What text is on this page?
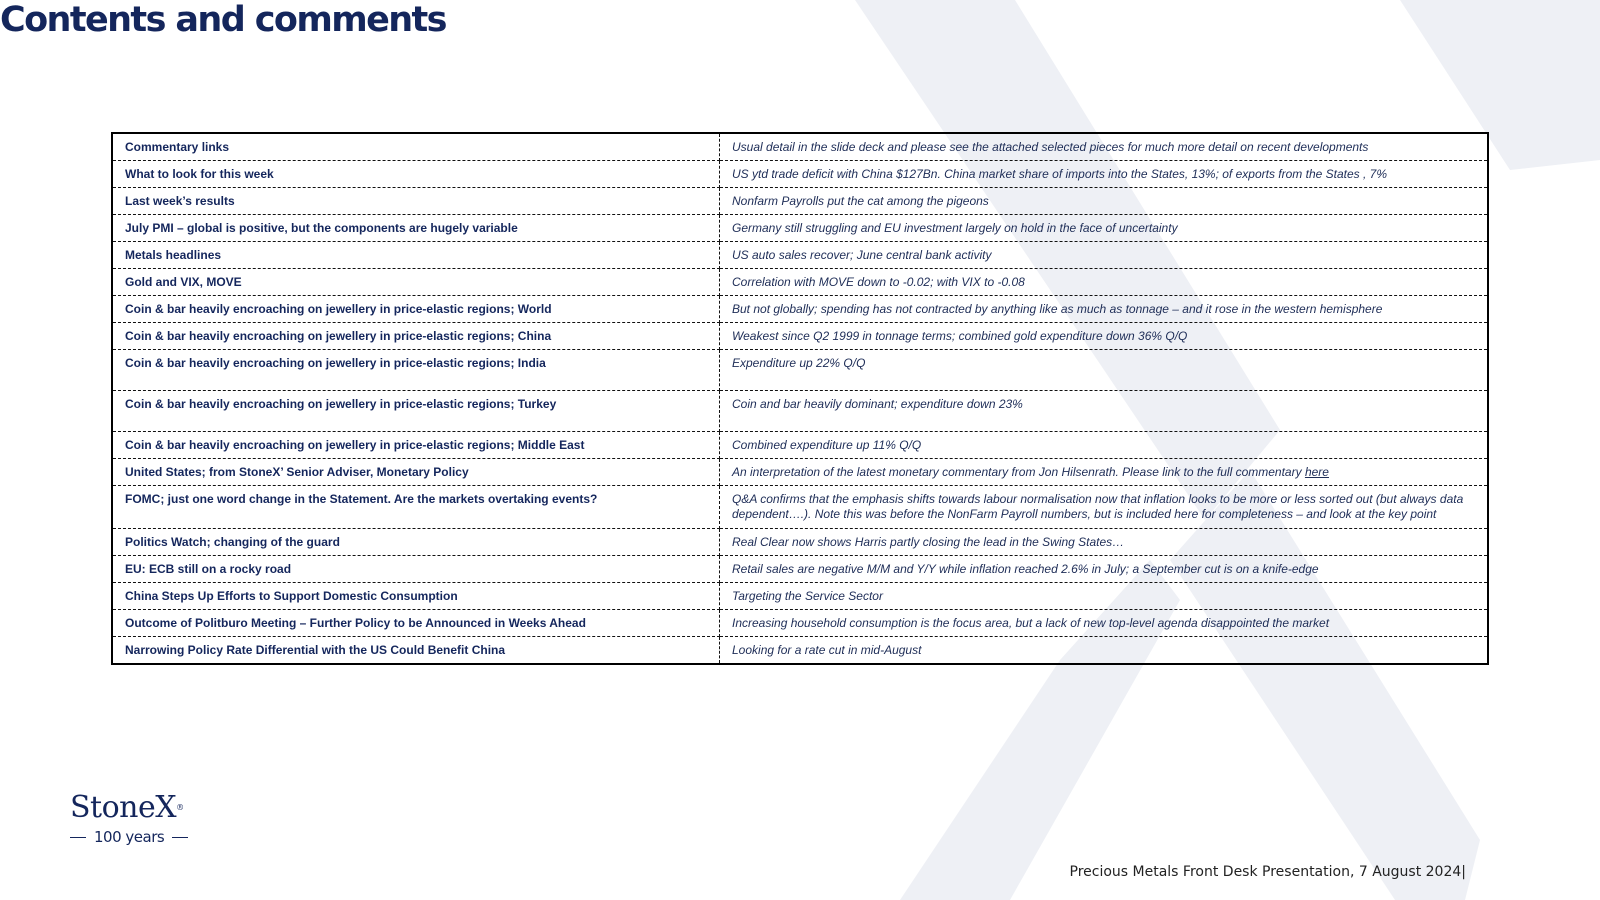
Contents and comments
Commentary links	Usual detail in the slide deck and please see the attached selected pieces for much more detail on recent developments
What to look for this week	US ytd trade deficit with China $127Bn. China market share of imports into the States, 13%; of exports from the States , 7%
Last week’s results	Nonfarm Payrolls put the cat among the pigeons
July PMI – global is positive, but the components are hugely variable	Germany still struggling and EU investment largely on hold in the face of uncertainty
Metals headlines	US auto sales recover; June central bank activity
Gold and VIX, MOVE	Correlation with MOVE down to -0.02; with VIX to -0.08
Coin & bar heavily encroaching on jewellery in price-elastic regions; World	But not globally; spending has not contracted by anything like as much as tonnage – and it rose in the western hemisphere
Coin & bar heavily encroaching on jewellery in price-elastic regions; China	Weakest since Q2 1999 in tonnage terms; combined gold expenditure down 36% Q/Q
Coin & bar heavily encroaching on jewellery in price-elastic regions; India	Expenditure up 22% Q/Q
Coin & bar heavily encroaching on jewellery in price-elastic regions; Turkey	Coin and bar heavily dominant; expenditure down 23%
Coin & bar heavily encroaching on jewellery in price-elastic regions; Middle East	Combined expenditure up 11% Q/Q
United States; from StoneX’ Senior Adviser, Monetary Policy	An interpretation of the latest monetary commentary from Jon Hilsenrath. Please link to the full commentary here
FOMC; just one word change in the Statement. Are the markets overtaking events?	Q&A confirms that the emphasis shifts towards labour normalisation now that inflation looks to be more or less sorted out (but always data dependent….). Note this was before the NonFarm Payroll numbers, but is included here for completeness – and look at the key point
Politics Watch; changing of the guard	Real Clear now shows Harris partly closing the lead in the Swing States…
EU: ECB still on a rocky road	Retail sales are negative M/M and Y/Y while inflation reached 2.6% in July; a September cut is on a knife-edge
China Steps Up Efforts to Support Domestic Consumption	Targeting the Service Sector
Outcome of Politburo Meeting – Further Policy to be Announced in Weeks Ahead	Increasing household consumption is the focus area, but a lack of new top-level agenda disappointed the market
Narrowing Policy Rate Differential with the US Could Benefit China	Looking for a rate cut in mid-August
StoneX®
100 years
Precious Metals Front Desk Presentation, 7 August 2024|
